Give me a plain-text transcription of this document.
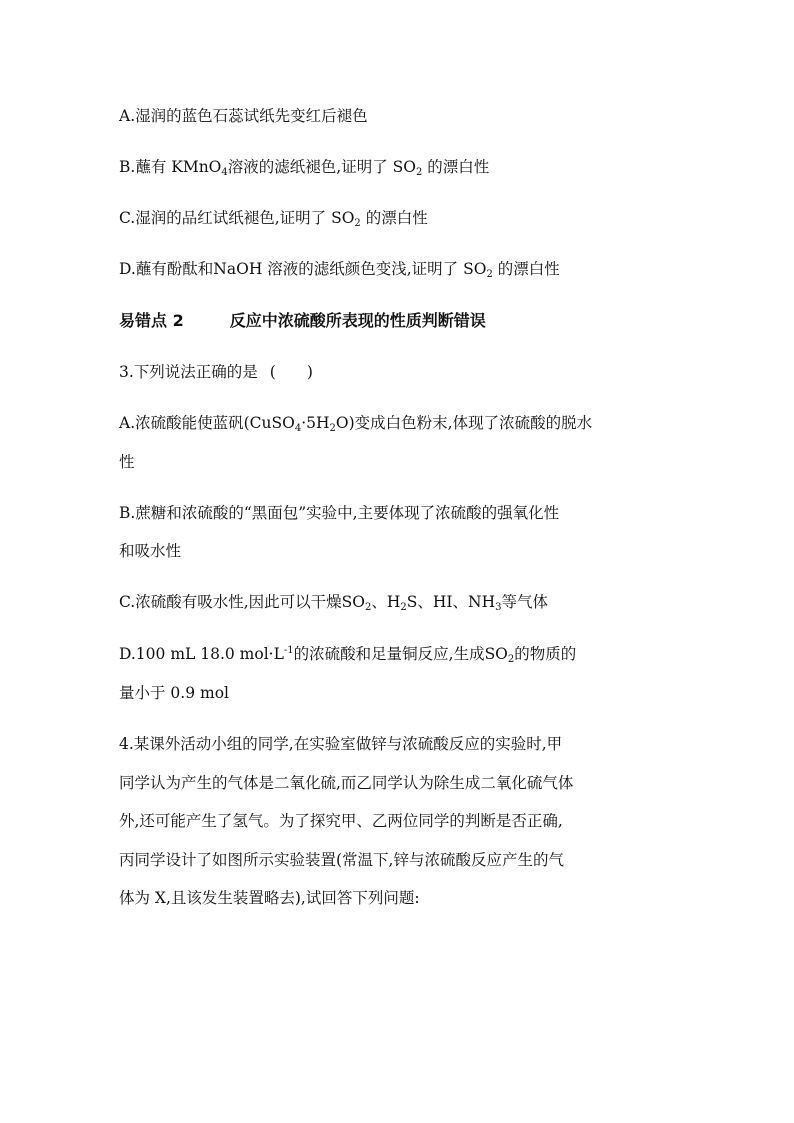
A.湿润的蓝色石蕊试纸先变红后褪色
B.蘸有 KMnO$_4$溶液的滤纸褪色,证明了 $SO_2$ 的漂白性
C.湿润的品红试纸褪色,证明了 $SO_2$ 的漂白性
D.蘸有酚酞和NaOH 溶液的滤纸颜色变浅,证明了 $SO_2$ 的漂白性
易错点 2	反应中浓硫酸所表现的性质判断错误
3.下列说法正确的是 (　　)
A.浓硫酸能使蓝矾$(CuSO_4\cdot 5H_2O)$变成白色粉末,体现了浓硫酸的脱水
性
B.蔗糖和浓硫酸的“黑面包”实验中,主要体现了浓硫酸的强氧化性
和吸水性
C.浓硫酸有吸水性,因此可以干燥$SO_2$、$H_2S$、HI、$NH_3$等气体
D.100 mL 18.0 $mol\cdot L^{-1}$的浓硫酸和足量铜反应,生成$SO_2$的物质的
量小于 0.9 mol
4.某课外活动小组的同学,在实验室做锌与浓硫酸反应的实验时,甲
同学认为产生的气体是二氧化硫,而乙同学认为除生成二氧化硫气体
外,还可能产生了氢气。为了探究甲、乙两位同学的判断是否正确,
丙同学设计了如图所示实验装置(常温下,锌与浓硫酸反应产生的气
体为 X,且该发生装置略去),试回答下列问题:
